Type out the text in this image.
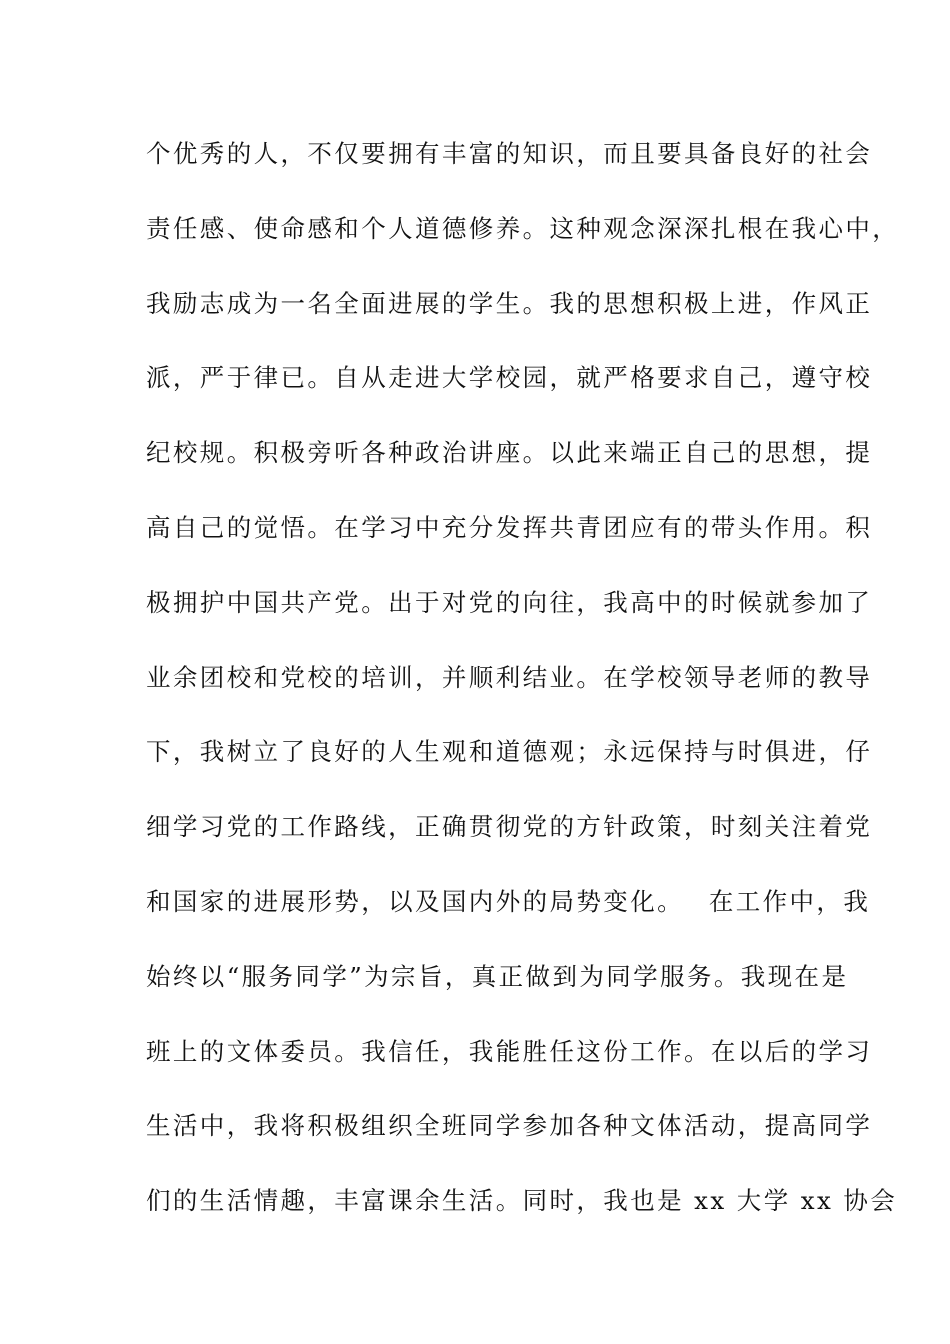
个优秀的人，不仅要拥有丰富的知识，而且要具备良好的社会
责任感、使命感和个人道德修养。这种观念深深扎根在我心中，
我励志成为一名全面进展的学生。我的思想积极上进，作风正
派，严于律已。自从走进大学校园，就严格要求自己，遵守校
纪校规。积极旁听各种政治讲座。以此来端正自己的思想，提
高自己的觉悟。在学习中充分发挥共青团应有的带头作用。积
极拥护中国共产党。出于对党的向往，我高中的时候就参加了
业余团校和党校的培训，并顺利结业。在学校领导老师的教导
下，我树立了良好的人生观和道德观；永远保持与时俱进，仔
细学习党的工作路线，正确贯彻党的方针政策，时刻关注着党
和国家的进展形势，以及国内外的局势变化。　 在工作中，我
始终以“服务同学”为宗旨，真正做到为同学服务。我现在是
班上的文体委员。我信任，我能胜任这份工作。在以后的学习
生活中，我将积极组织全班同学参加各种文体活动，提高同学
们的生活情趣，丰富课余生活。同时，我也是 xx 大学 xx 协会
